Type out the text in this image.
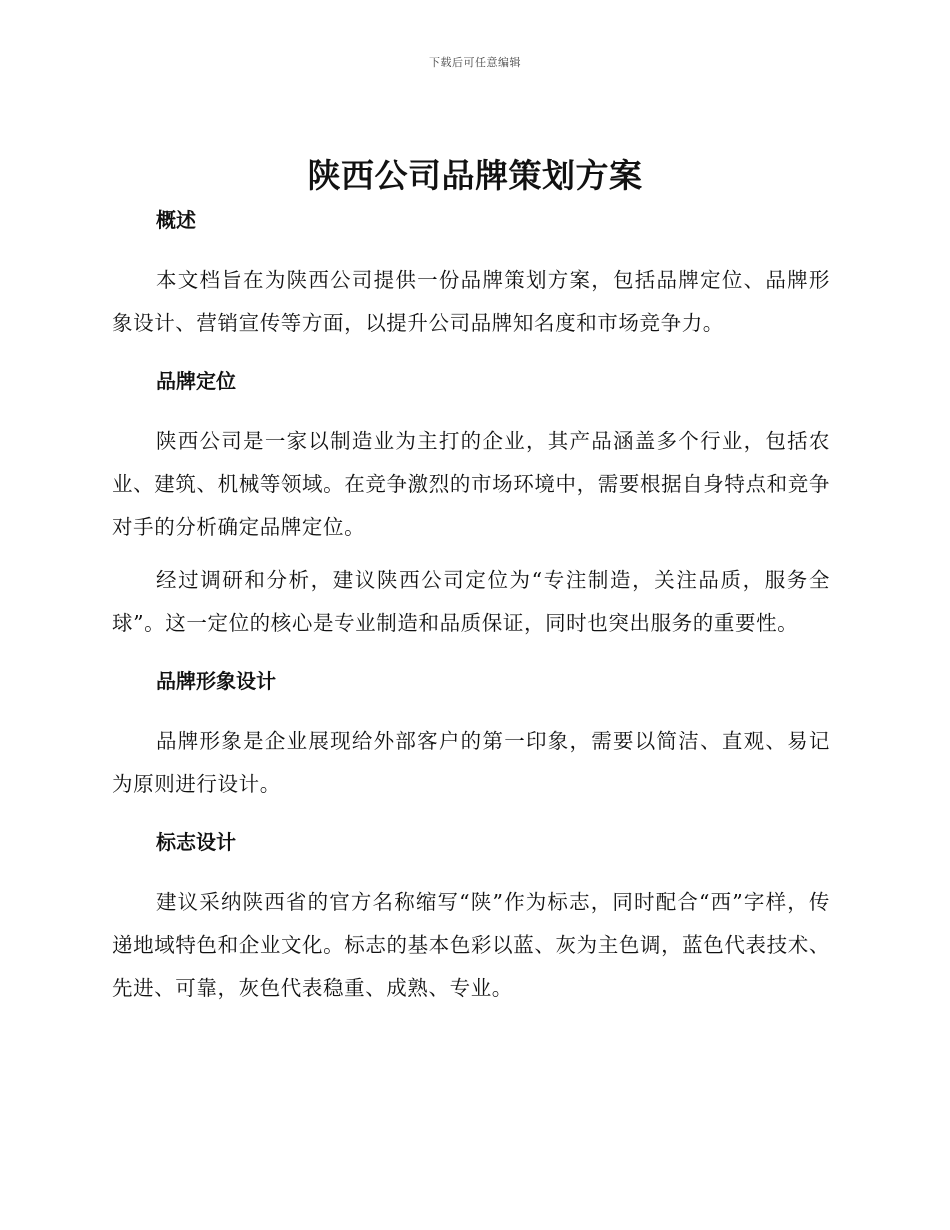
下载后可任意编辑
陕西公司品牌策划方案
概述

本文档旨在为陕西公司提供一份品牌策划方案，包括品牌定位、品牌形象设计、营销宣传等方面，以提升公司品牌知名度和市场竞争力。

品牌定位

陕西公司是一家以制造业为主打的企业，其产品涵盖多个行业，包括农业、建筑、机械等领域。在竞争激烈的市场环境中，需要根据自身特点和竞争对手的分析确定品牌定位。

经过调研和分析，建议陕西公司定位为“专注制造，关注品质，服务全球”。这一定位的核心是专业制造和品质保证，同时也突出服务的重要性。

品牌形象设计

品牌形象是企业展现给外部客户的第一印象，需要以简洁、直观、易记为原则进行设计。

标志设计

建议采纳陕西省的官方名称缩写“陕”作为标志，同时配合“西”字样，传递地域特色和企业文化。标志的基本色彩以蓝、灰为主色调，蓝色代表技术、先进、可靠，灰色代表稳重、成熟、专业。
